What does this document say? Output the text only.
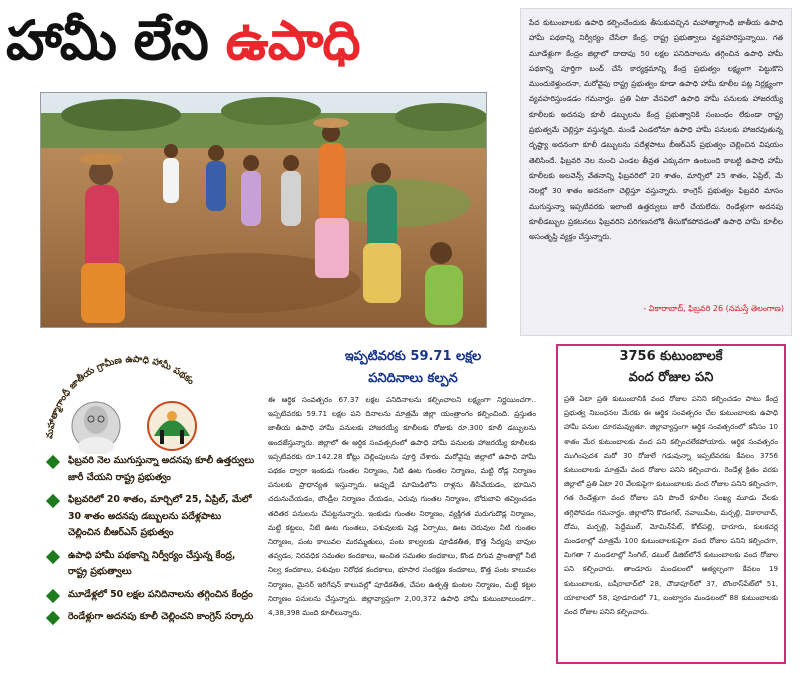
హామీ లేని ఉపాధి	పేద కుటుంబాలకు ఉపాధి కల్పించేందుకు తీసుకువచ్చిన మహాత్మాగాంధీ జాతీయ ఉపాధి హామీ పథకాన్ని నిర్వీర్యం చేసేలా కేంద్ర, రాష్ట్ర ప్రభుత్వాలు వ్యవహరిస్తున్నాయి. గత మూడేళ్లుగా కేంద్రం జిల్లాలో దాదాపు 50 లక్షల పనిదినాలను తగ్గించిన ఉపాధి హామీ పథకాన్ని పూర్తిగా బంద్ చేసే కార్యక్రమాన్ని కేంద్ర ప్రభుత్వం లక్ష్యంగా పెట్టుకొని ముందుకెళ్తుందనా, మరోవైపు రాష్ట్ర ప్రభుత్వం కూడా ఉపాధి హామీ కూలీల పట్ల నిర్లక్ష్యంగా వ్యవహరిస్తుండడం గమనార్హం. ప్రతి ఏటా వేసవిలో ఉపాధి హామీ పనులకు హాజరయ్యే కూలీలకు అదనపు కూలీ డబ్బులను కేంద్ర ప్రభుత్వానికి సంబంధం లేకుండా రాష్ట్ర ప్రభుత్వమే చెల్లిస్తూ వస్తున్నది. మండే ఎండలోనూ ఉపాధి హామీ పనులకు హాజరవుతున్న దృష్ట్యా అదనంగా కూలీ డబ్బులను పదేళ్లపాటు బీఆర్ఎస్ ప్రభుత్వం చెల్లించిన విషయం తెలిసిందే. ఫిబ్రవరి నెల నుంచి ఎండల తీవ్రత ఎక్కువగా ఉంటుంది కాబట్టి ఉపాధి హామీ కూలీలకు అలవెన్స్ వేతనాన్ని ఫిబ్రవరిలో 20 శాతం, మార్చిలో 25 శాతం, ఏప్రిల్, మే నెలల్లో 30 శాతం అదనంగా చెల్లిస్తూ వస్తున్నారు. కాంగ్రెస్ ప్రభుత్వం ఫిబ్రవరి మాసం ముగుస్తున్నా ఇప్పటివరకు ఇలాంటి ఉత్తర్వులు జారీ చేయలేదు. రెండేళ్లుగా అదనపు కూలీడబ్బుల ప్రకటనలు ఫిబ్రవరిని పరిగణనలోకి తీసుకోకపోవడంతో ఉపాధి హామీ కూలీల అసంతృప్తి వ్యక్తం చేస్తున్నారు.

- వికారాబాద్, ఫిబ్రవరి 26 (నమస్తే తెలంగాణ)
మహాత్మాగాంధీ జాతీయ గ్రామీణ ఉపాధి హామీ పథకం
ఫిబ్రవరి నెల ముగుస్తున్నా అదనపు కూలీ ఉత్తర్వులు జారీ చేయని రాష్ట్ర ప్రభుత్వం
ఫిబ్రవరిలో 20 శాతం, మార్చిలో 25, ఏప్రిల్, మేలో 30 శాతం అదనపు డబ్బులను పదేళ్లపాటు చెల్లించిన బీఆర్ఎస్ ప్రభుత్వం
ఉపాధి హామీ పథకాన్ని నిర్వీర్యం చేస్తున్న కేంద్ర, రాష్ట్ర ప్రభుత్వాలు
మూడేళ్లలో 50 లక్షల పనిదినాలను తగ్గించిన కేంద్రం
రెండేళ్లుగా అదనపు కూలీ చెల్లించని కాంగ్రెస్ సర్కారు
ఇప్పటివరకు 59.71 లక్షల
పనిదినాలు కల్పన

ఈ ఆర్థిక సంవత్సరం 67.37 లక్షల పనిదినాలను కల్పించాలని లక్ష్యంగా నిర్ణయించగా.. ఇప్పటివరకు 59.71 లక్షల పని దినాలను మాత్రమే జిల్లా యంత్రాంగం కల్పించింది. ప్రస్తుతం జాతీయ ఉపాధి హామీ పనులకు హాజరయ్యే కూలీలకు రోజుకు రూ.300 కూలీ డబ్బులను అందజేస్తున్నారు. జిల్లాలో ఈ ఆర్థిక సంవత్సరంలో ఉపాధి హామీ పనులకు హాజరయ్యే కూలీలకు ఇప్పటివరకు రూ.142.28 కోట్లు చెల్లింపులను పూర్తి చేశారు. మరోవైపు జిల్లాలో ఉపాధి హామీ పథకం ద్వారా ఇంకుడు గుంతల నిర్మాణం, నీటి ఊట గుంతల నిర్మాణం, మట్టి రోడ్ల నిర్మాణం పనులకు ప్రాధాన్యత ఇస్తున్నారు. అప్పుడే మామిడిలోని రాళ్లను తీసివేయడం, భూమిని చదునుచేయడం, బౌండ్రీల నిర్మాణం చేయడం, ఎరువు గుంతల నిర్మాణం, బోరుబావి తవ్వించడం తదితర పనులను చేపట్టనున్నారు. ఇంకుడు గుంతల నిర్మాణం, వ్యక్తిగత మరుగుదొడ్ల నిర్మాణం, మట్టి కట్టలు, నీటి ఊట గుంతలు, పశువులకు షెడ్ల ఏర్పాటు, ఊట చెరువుల నీటి గుంతల నిర్మాణం, పంట కాలువల మరమ్మతులు, పంట కాల్వలకు పూడికతీత, కొత్త సేద్యపు బావుల తవ్వడం, నిరవధిక సమతల కందకాలు, అంచిత సమతల కందకాలు, కొండ దిగువ ప్రాంతాల్లో నీటి నిల్వ కందకాలు, పశువుల నిరోధక కందకాలు, భూసార సంరక్షణ కందకాలు, కొత్త పంట కాలువల నిర్మాణం, మైనర్ ఇరిగేషన్ కాలువల్లో పూడికతీత, చేపల ఉత్పత్తి కుంటల నిర్మాణం, మట్టి కట్టల నిర్మాణం పనులను చేస్తున్నారు. జిల్లావ్యాప్తంగా 2,00,372 ఉపాధి హామీ కుటుంబాలుండగా.. 4,38,398 మంది కూలీలున్నారు.

3756 కుటుంబాలకే
వంద రోజుల పని

ప్రతి ఏటా ప్రతి కుటుంబానికి వంద రోజుల పనిని కల్పించడం పాటు కేంద్ర ప్రభుత్వ నిబంధనల మేరకు ఈ ఆర్థిక సంవత్సరం చేల కుటుంబాలకు ఉపాధి హామీ పనుల దూరమవ్వుతూ. జిల్లావ్యాప్తంగా ఆర్థిక సంవత్సరంలో కనీసం 10 శాతం మేర కుటుంబాలకు వంద పని కల్పించలేకపోయారు. ఆర్థిక సంవత్సరం ముగింపుదశ మరో 30 రోజులే గడువున్నా ఇప్పటివరకు కేవలం 3756 కుటుంబాలకు మాత్రమే వంద రోజుల పనిని కల్పించారు. రెండేళ్ల క్రితం వరకు జిల్లాలో ప్రతి ఏటా 20 వేలకుపైగా కుటుంబాలకు వంద రోజుల పనిని కల్పించగా, గత రెండేళ్లుగా వంద రోజుల పని పొందే కూలీల సంఖ్య మూడు వేలకు తగ్గిపోవడం గమనార్హం. జిల్లాలోని కొడంగల్, నవాబుపేట, మర్పల్లి, వికారాబాద్, దోమ, మర్పల్లి, పెద్దేముల్, మోమిన్‌పేట్, కోట్‌పల్లి, ధారూరు, కులకచర్ల మండలాల్లో మాత్రమే 100 కుటుంబాలకుపైగా వంద రోజుల పనిని కల్పించగా, మిగతా 7 మండలాల్లో సింగిల్, డబుల్ డిజిట్‌లోనే కుటుంబాలకు వంద రోజుల పని కల్పించారు. తాండూరు మండలంలో అత్యల్పంగా కేవలం 19 కుటుంబాలకు, బషీరాబాద్‌లో 28, చౌడాపూర్‌లో 37, బొంరాస్‌పేట్‌లో 51, యాలాలలో 58, పూడూరులో 71, బంట్వారం మండలంలో 88 కుటుంబాలకు వంద రోజుల పనిని కల్పించారు.
